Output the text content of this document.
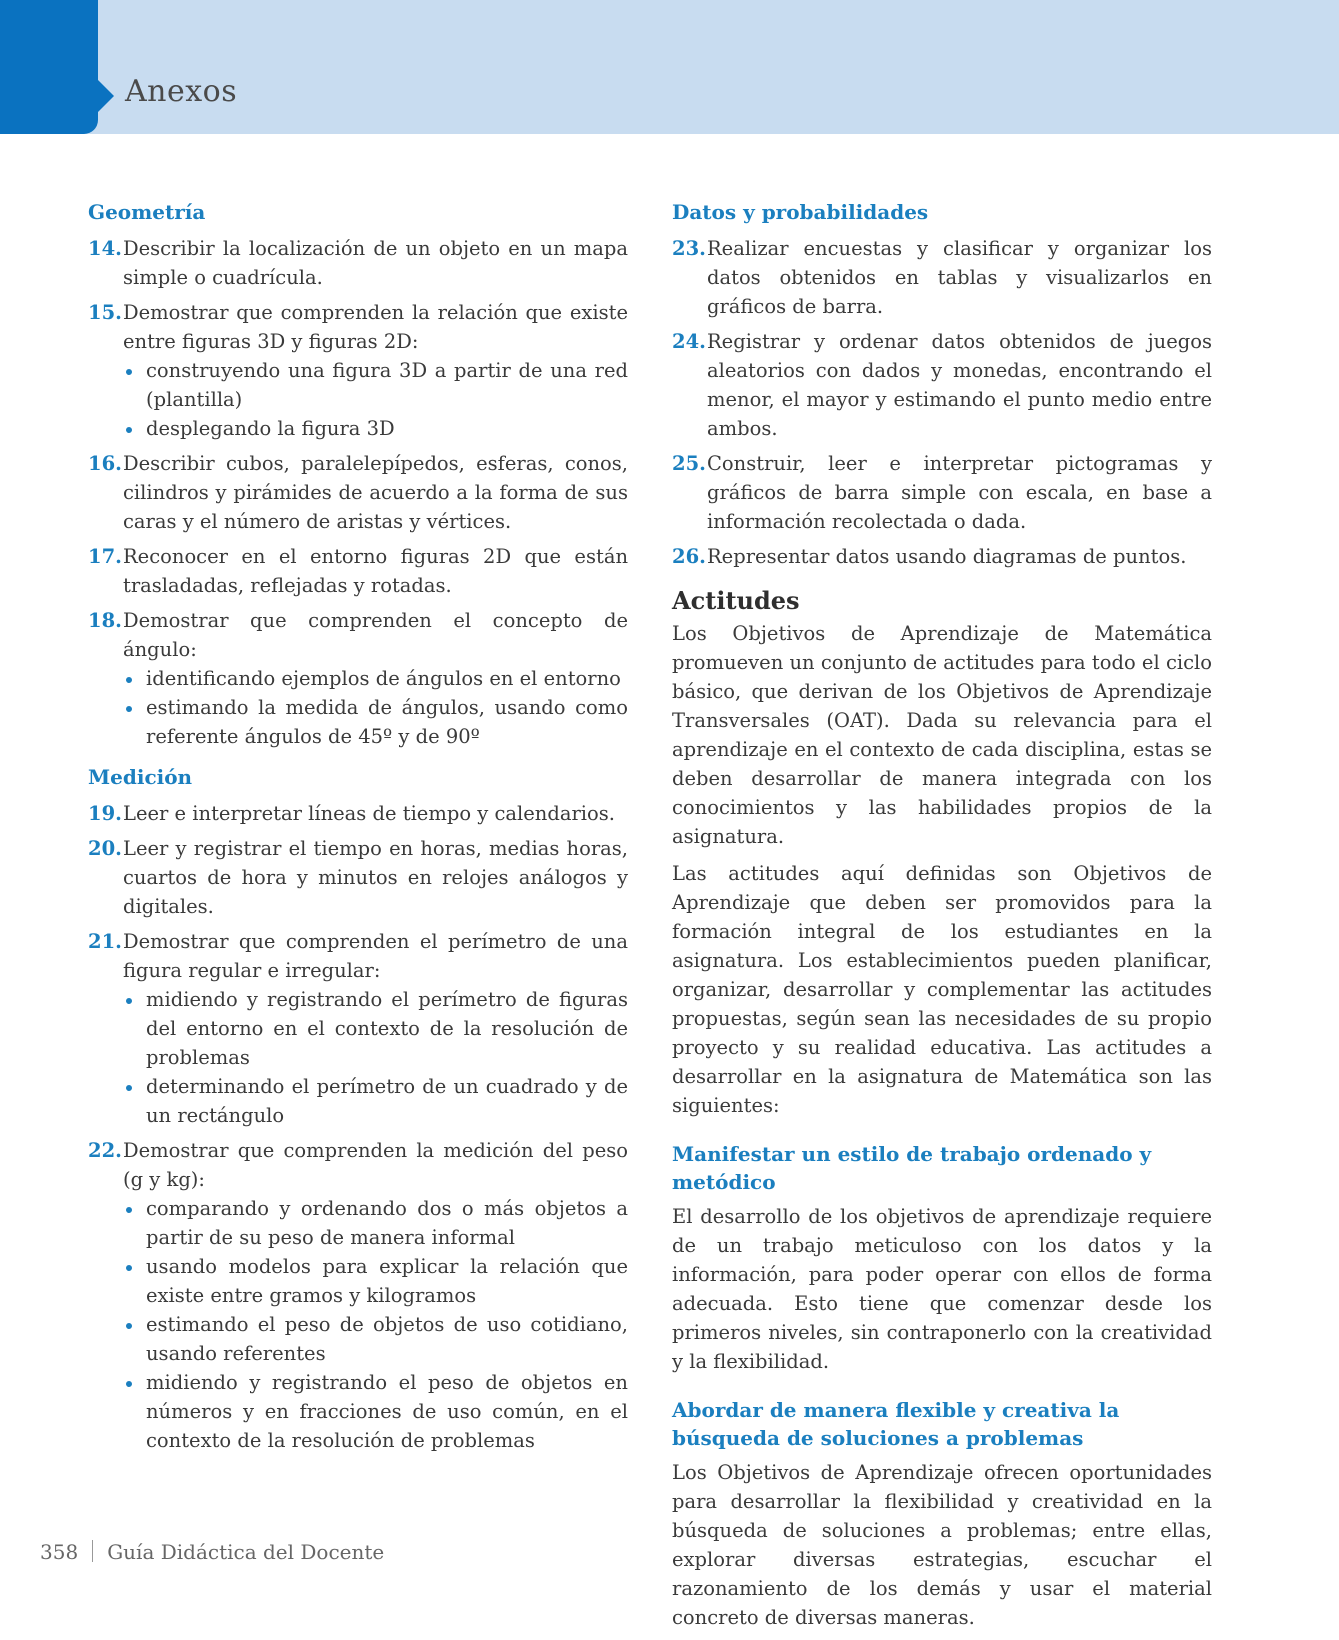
Anexos
Geometría
14. Describir la localización de un objeto en un mapa simple o cuadrícula.
15. Demostrar que comprenden la relación que existe entre figuras 3D y figuras 2D:
construyendo una figura 3D a partir de una red (plantilla)
desplegando la figura 3D
16. Describir cubos, paralelepípedos, esferas, conos, cilindros y pirámides de acuerdo a la forma de sus caras y el número de aristas y vértices.
17. Reconocer en el entorno figuras 2D que están trasladadas, reflejadas y rotadas.
18. Demostrar que comprenden el concepto de ángulo:
identificando ejemplos de ángulos en el entorno
estimando la medida de ángulos, usando como referente ángulos de 45º y de 90º
Medición
19. Leer e interpretar líneas de tiempo y calendarios.
20. Leer y registrar el tiempo en horas, medias horas, cuartos de hora y minutos en relojes análogos y digitales.
21. Demostrar que comprenden el perímetro de una figura regular e irregular:
midiendo y registrando el perímetro de figuras del entorno en el contexto de la resolución de problemas
determinando el perímetro de un cuadrado y de un rectángulo
22. Demostrar que comprenden la medición del peso (g y kg):
comparando y ordenando dos o más objetos a partir de su peso de manera informal
usando modelos para explicar la relación que existe entre gramos y kilogramos
estimando el peso de objetos de uso cotidiano, usando referentes
midiendo y registrando el peso de objetos en números y en fracciones de uso común, en el contexto de la resolución de problemas
Datos y probabilidades
23. Realizar encuestas y clasificar y organizar los datos obtenidos en tablas y visualizarlos en gráficos de barra.
24. Registrar y ordenar datos obtenidos de juegos aleatorios con dados y monedas, encontrando el menor, el mayor y estimando el punto medio entre ambos.
25. Construir, leer e interpretar pictogramas y gráficos de barra simple con escala, en base a información recolectada o dada.
26. Representar datos usando diagramas de puntos.
Actitudes

Los Objetivos de Aprendizaje de Matemática promueven un conjunto de actitudes para todo el ciclo básico, que derivan de los Objetivos de Aprendizaje Transversales (OAT). Dada su relevancia para el aprendizaje en el contexto de cada disciplina, estas se deben desarrollar de manera integrada con los conocimientos y las habilidades propios de la asignatura.

Las actitudes aquí definidas son Objetivos de Aprendizaje que deben ser promovidos para la formación integral de los estudiantes en la asignatura. Los establecimientos pueden planificar, organizar, desarrollar y complementar las actitudes propuestas, según sean las necesidades de su propio proyecto y su realidad educativa. Las actitudes a desarrollar en la asignatura de Matemática son las siguientes:

Manifestar un estilo de trabajo ordenado y metódico

El desarrollo de los objetivos de aprendizaje requiere de un trabajo meticuloso con los datos y la información, para poder operar con ellos de forma adecuada. Esto tiene que comenzar desde los primeros niveles, sin contraponerlo con la creatividad y la flexibilidad.

Abordar de manera flexible y creativa la búsqueda de soluciones a problemas

Los Objetivos de Aprendizaje ofrecen oportunidades para desarrollar la flexibilidad y creatividad en la búsqueda de soluciones a problemas; entre ellas, explorar diversas estrategias, escuchar el razonamiento de los demás y usar el material concreto de diversas maneras.

358 Guía Didáctica del Docente
